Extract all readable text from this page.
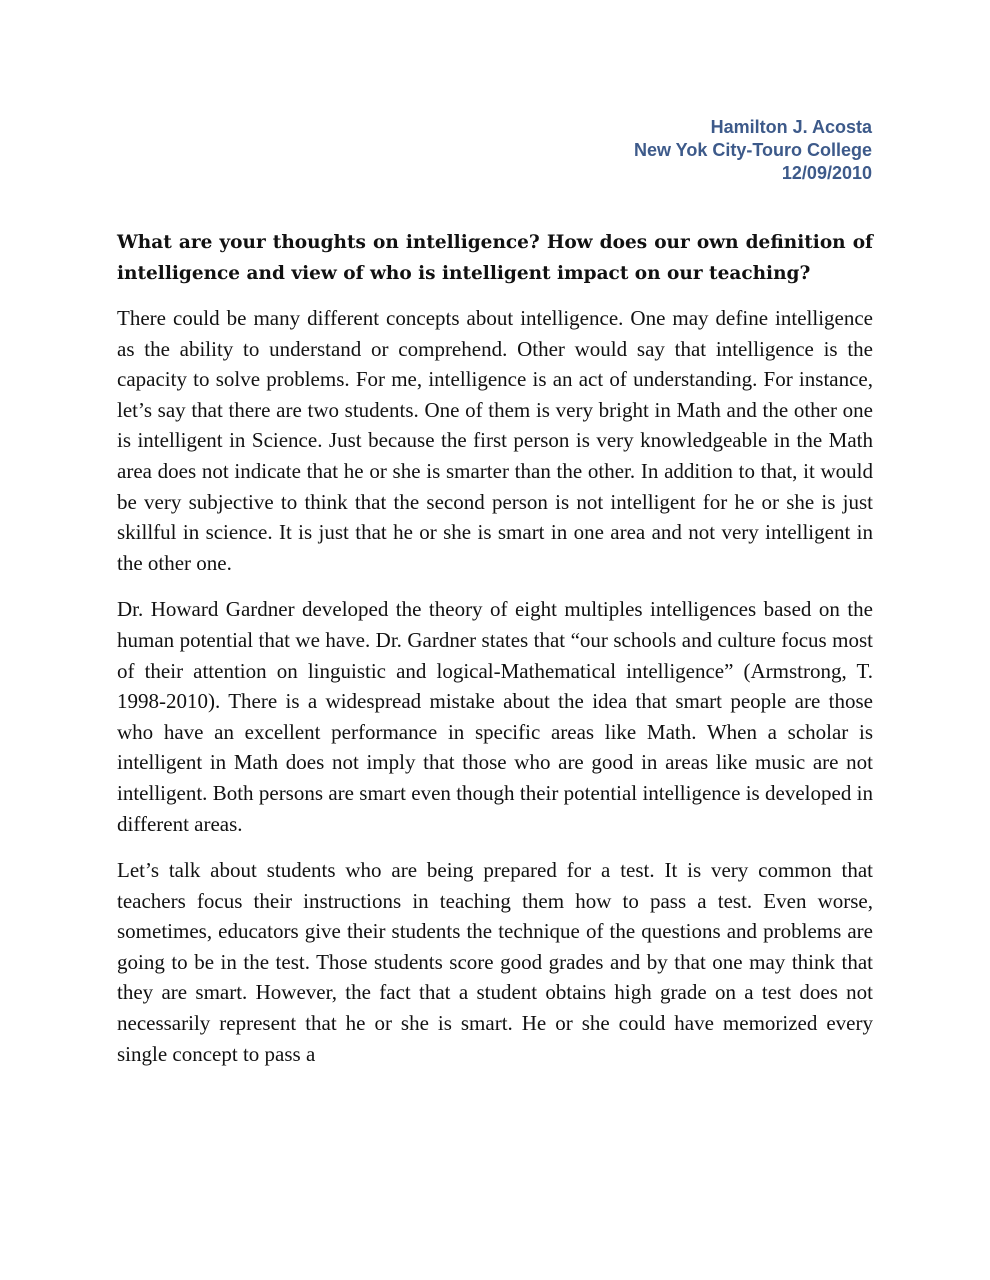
Hamilton J. Acosta
New Yok City-Touro College
12/09/2010

What are your thoughts on intelligence? How does our own definition of intelligence and view of who is intelligent impact on our teaching?

There could be many different concepts about intelligence. One may define intelligence as the ability to understand or comprehend. Other would say that intelligence is the capacity to solve problems. For me, intelligence is an act of understanding. For instance, let’s say that there are two students. One of them is very bright in Math and the other one is intelligent in Science. Just because the first person is very knowledgeable in the Math area does not indicate that he or she is smarter than the other. In addition to that, it would be very subjective to think that the second person is not intelligent for he or she is just skillful in science. It is just that he or she is smart in one area and not very intelligent in the other one.

Dr. Howard Gardner developed the theory of eight multiples intelligences based on the human potential that we have. Dr. Gardner states that “our schools and culture focus most of their attention on linguistic and logical-Mathematical intelligence” (Armstrong, T. 1998-2010). There is a widespread mistake about the idea that smart people are those who have an excellent performance in specific areas like Math. When a scholar is intelligent in Math does not imply that those who are good in areas like music are not intelligent. Both persons are smart even though their potential intelligence is developed in different areas.

Let’s talk about students who are being prepared for a test. It is very common that teachers focus their instructions in teaching them how to pass a test. Even worse, sometimes, educators give their students the technique of the questions and problems are going to be in the test. Those students score good grades and by that one may think that they are smart. However, the fact that a student obtains high grade on a test does not necessarily represent that he or she is smart. He or she could have memorized every single concept to pass a
